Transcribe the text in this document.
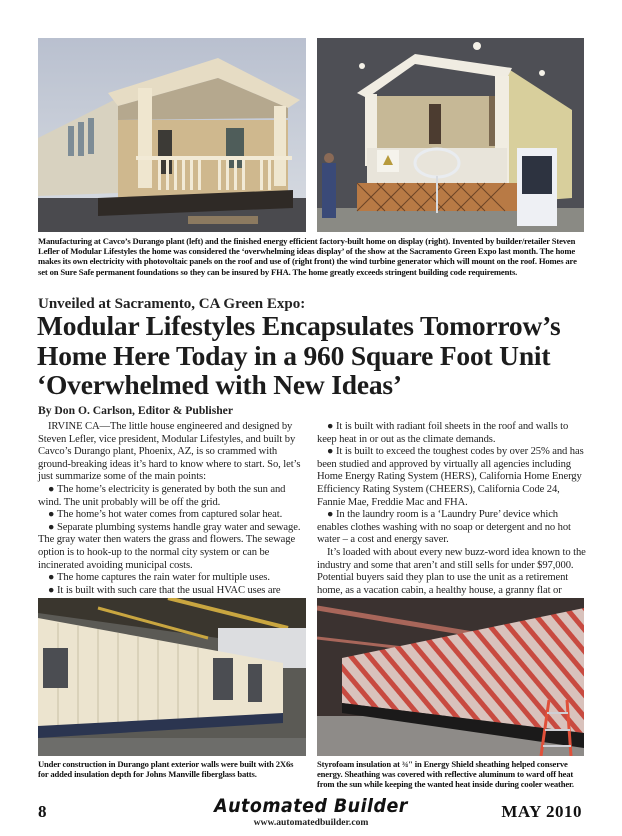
Manufacturing at Cavco’s Durango plant (left) and the finished energy efficient factory-built home on display (right). Invented by builder/retailer Steven Lefler of Modular Lifestyles the home was considered the ‘overwhelming ideas display’ of the show at the Sacramento Green Expo last month. The home makes its own electricity with photovoltaic panels on the roof and use of (right front) the wind turbine generator which will mount on the roof. Homes are set on Sure Safe permanent foundations so they can be insured by FHA. The home greatly exceeds stringent building code requirements.
Unveiled at Sacramento, CA Green Expo:
Modular Lifestyles Encapsulates Tomorrow’s Home Here Today in a 960 Square Foot Unit ‘Overwhelmed with New Ideas’
By Don O. Carlson, Editor & Publisher

IRVINE CA—The little house engineered and designed by Steven Lefler, vice president, Modular Lifestyles, and built by Cavco’s Durango plant, Phoenix, AZ, is so crammed with ground-breaking ideas it’s hard to know where to start. So, let’s just summarize some of the main points:

● The home’s electricity is generated by both the sun and wind. The unit probably will be off the grid.

● The home’s hot water comes from captured solar heat.

● Separate plumbing systems handle gray water and sewage. The gray water then waters the grass and flowers. The sewage option is to hook-up to the normal city system or can be incinerated avoiding municipal costs.

● The home captures the rain water for multiple uses.

● It is built with such care that the usual HVAC uses are

● It is built with radiant foil sheets in the roof and walls to keep heat in or out as the climate demands.

● It is built to exceed the toughest codes by over 25% and has been studied and approved by virtually all agencies including Home Energy Rating System (HERS), California Home Energy Efficiency Rating System (CHEERS), California Code 24, Fannie Mae, Freddie Mac and FHA.

● In the laundry room is a ‘Laundry Pure’ device which enables clothes washing with no soap or detergent and no hot water – a cost and energy saver.

It’s loaded with about every new buzz-word idea known to the industry and some that aren’t and still sells for under $97,000. Potential buyers said they plan to use the unit as a retirement home, as a vacation cabin, a healthy house, a granny flat or

Under construction in Durango plant exterior walls were built with 2X6s for added insulation depth for Johns Manville fiberglass batts.
Styrofoam insulation at ¾" in Energy Shield sheathing helped conserve energy. Sheathing was covered with reflective aluminum to ward off heat from the sun while keeping the wanted heat inside during cooler weather.
8	Automated Builder
www.automatedbuilder.com
MAY 2010
